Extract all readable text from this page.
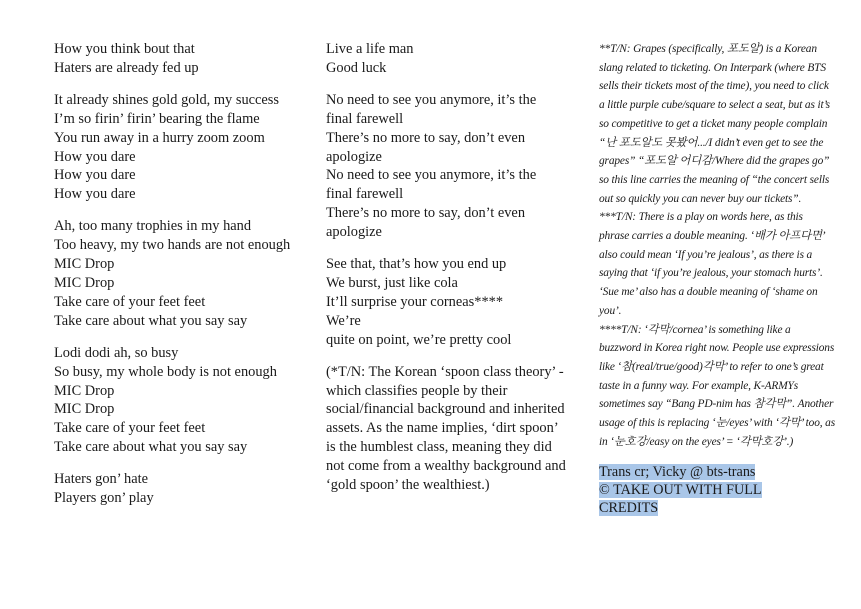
How you think bout that
Haters are already fed up
It already shines gold gold, my success
I’m so firin’ firin’ bearing the flame
You run away in a hurry zoom zoom
How you dare
How you dare
How you dare
Ah, too many trophies in my hand
Too heavy, my two hands are not enough
MIC Drop
MIC Drop
Take care of your feet feet
Take care about what you say say
Lodi dodi ah, so busy
So busy, my whole body is not enough
MIC Drop
MIC Drop
Take care of your feet feet
Take care about what you say say
Haters gon’ hate
Players gon’ play
Live a life man
Good luck
No need to see you anymore, it’s the final farewell
There’s no more to say, don’t even apologize
No need to see you anymore, it’s the final farewell
There’s no more to say, don’t even apologize
See that, that’s how you end up
We burst, just like cola
It’ll surprise your corneas****
We’re
quite on point, we’re pretty cool
(*T/N: The Korean ‘spoon class theory’ - which classifies people by their social/financial background and inherited assets. As the name implies, ‘dirt spoon’ is the humblest class, meaning they did not come from a wealthy background and ‘gold spoon’ the wealthiest.)

**T/N: Grapes (specifically, 포도알) is a Korean slang related to ticketing. On Interpark (where BTS sells their tickets most of the time), you need to click a little purple cube/square to select a seat, but as it’s so competitive to get a ticket many people complain “난 포도알도 못봤어.../I didn’t even get to see the grapes” “포도알 어디감/Where did the grapes go” so this line carries the meaning of “the concert sells out so quickly you can never buy our tickets”.

***T/N: There is a play on words here, as this phrase carries a double meaning. ‘배가 아프다면’ also could mean ‘If you’re jealous’, as there is a saying that ‘if you’re jealous, your stomach hurts’. ‘Sue me’ also has a double meaning of ‘shame on you’.

****T/N: ‘각막/cornea’ is something like a buzzword in Korea right now. People use expressions like ‘참(real/true/good)각막’ to refer to one’s great taste in a funny way. For example, K-ARMYs sometimes say “Bang PD-nim has 참각막”. Another usage of this is replacing ‘눈/eyes’ with ‘각막’ too, as in ‘눈호강/easy on the eyes’ = ‘각막호강’.)

Trans cr; Vicky @ bts-trans
© TAKE OUT WITH FULL
CREDITS
